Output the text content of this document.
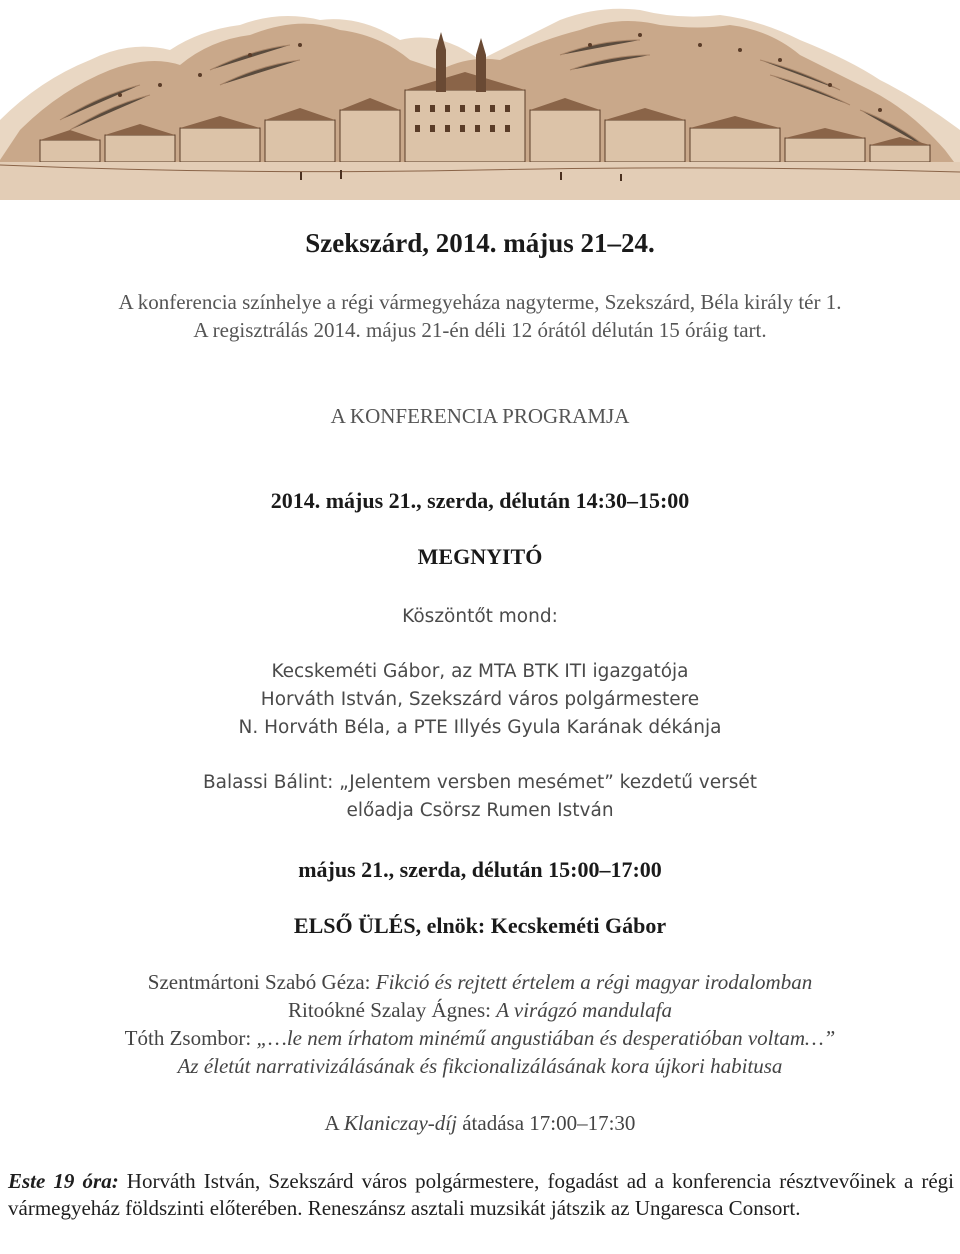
Szekszárd, 2014. május 21–24.
A konferencia színhelye a régi vármegyeháza nagyterme, Szekszárd, Béla király tér 1.
A regisztrálás 2014. május 21-én déli 12 órától délután 15 óráig tart.
A KONFERENCIA PROGRAMJA
2014. május 21., szerda, délután 14:30–15:00
MEGNYITÓ
Köszöntőt mond:
Kecskeméti Gábor, az MTA BTK ITI igazgatója
Horváth István, Szekszárd város polgármestere
N. Horváth Béla, a PTE Illyés Gyula Karának dékánja
Balassi Bálint: „Jelentem versben mesémet” kezdetű versét
előadja Csörsz Rumen István
május 21., szerda, délután 15:00–17:00
ELSŐ ÜLÉS, elnök: Kecskeméti Gábor
Szentmártoni Szabó Géza: Fikció és rejtett értelem a régi magyar irodalomban
Ritoókné Szalay Ágnes: A virágzó mandulafa
Tóth Zsombor: „…le nem írhatom minémű angustiában és desperatióban voltam…”
Az életút narrativizálásának és fikcionalizálásának kora újkori habitusa
A Klaniczay-díj átadása 17:00–17:30
Este 19 óra: Horváth István, Szekszárd város polgármestere, fogadást ad a konferencia résztvevőinek a régi vármegyeház földszinti előterében. Reneszánsz asztali muzsikát játszik az Ungaresca Consort.
